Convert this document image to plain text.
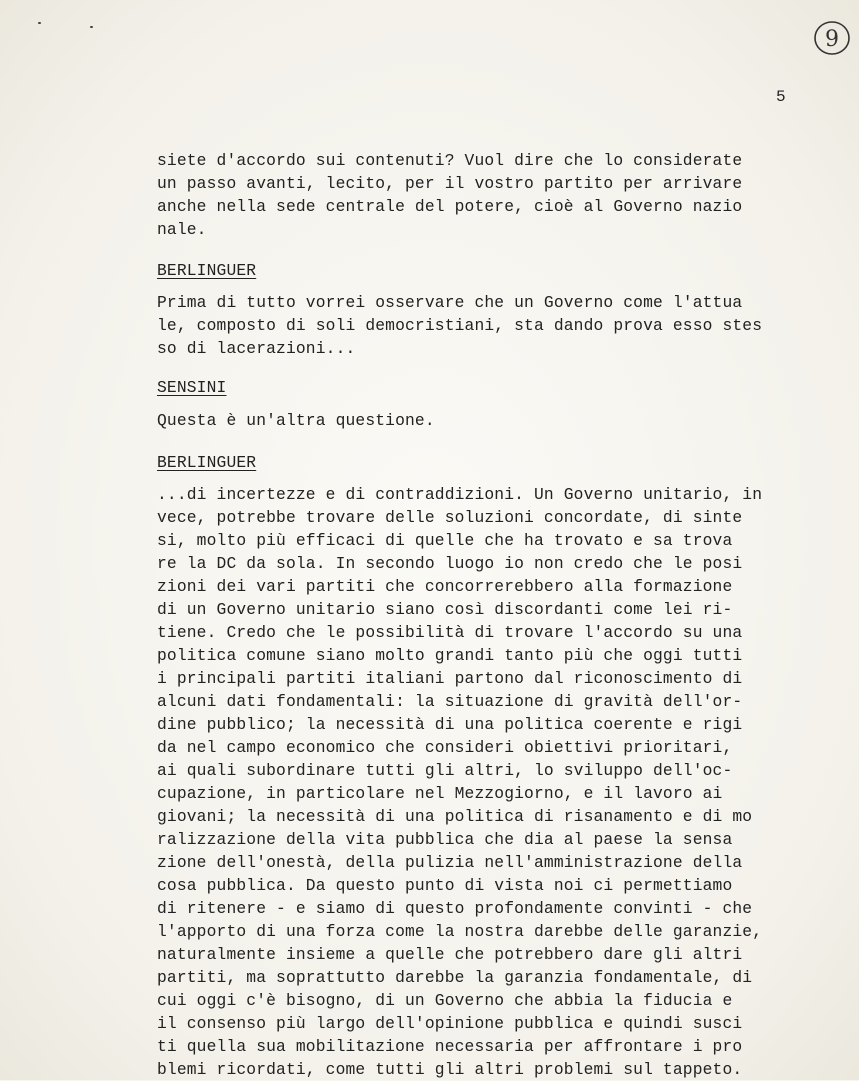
9
5
siete d'accordo sui contenuti? Vuol dire che lo considerate
un passo avanti, lecito, per il vostro partito per arrivare
anche nella sede centrale del potere, cioè al Governo nazio
nale.
BERLINGUER
Prima di tutto vorrei osservare che un Governo come l'attua
le, composto di soli democristiani, sta dando prova esso stes
so di lacerazioni...
SENSINI
Questa è un'altra questione.
BERLINGUER
...di incertezze e di contraddizioni. Un Governo unitario, in
vece, potrebbe trovare delle soluzioni concordate, di sinte
si, molto più efficaci di quelle che ha trovato e sa trova
re la DC da sola. In secondo luogo io non credo che le posi
zioni dei vari partiti che concorrerebbero alla formazione
di un Governo unitario siano così discordanti come lei ri-
tiene. Credo che le possibilità di trovare l'accordo su una
politica comune siano molto grandi tanto più che oggi tutti
i principali partiti italiani partono dal riconoscimento di
alcuni dati fondamentali: la situazione di gravità dell'or-
dine pubblico; la necessità di una politica coerente e rigi
da nel campo economico che consideri obiettivi prioritari,
ai quali subordinare tutti gli altri, lo sviluppo dell'oc-
cupazione, in particolare nel Mezzogiorno, e il lavoro ai
giovani; la necessità di una politica di risanamento e di mo
ralizzazione della vita pubblica che dia al paese la sensa
zione dell'onestà, della pulizia nell'amministrazione della
cosa pubblica. Da questo punto di vista noi ci permettiamo
di ritenere - e siamo di questo profondamente convinti - che
l'apporto di una forza come la nostra darebbe delle garanzie,
naturalmente insieme a quelle che potrebbero dare gli altri
partiti, ma soprattutto darebbe la garanzia fondamentale, di
cui oggi c'è bisogno, di un Governo che abbia la fiducia e
il consenso più largo dell'opinione pubblica e quindi susci
ti quella sua mobilitazione necessaria per affrontare i pro
blemi ricordati, come tutti gli altri problemi sul tappeto.
